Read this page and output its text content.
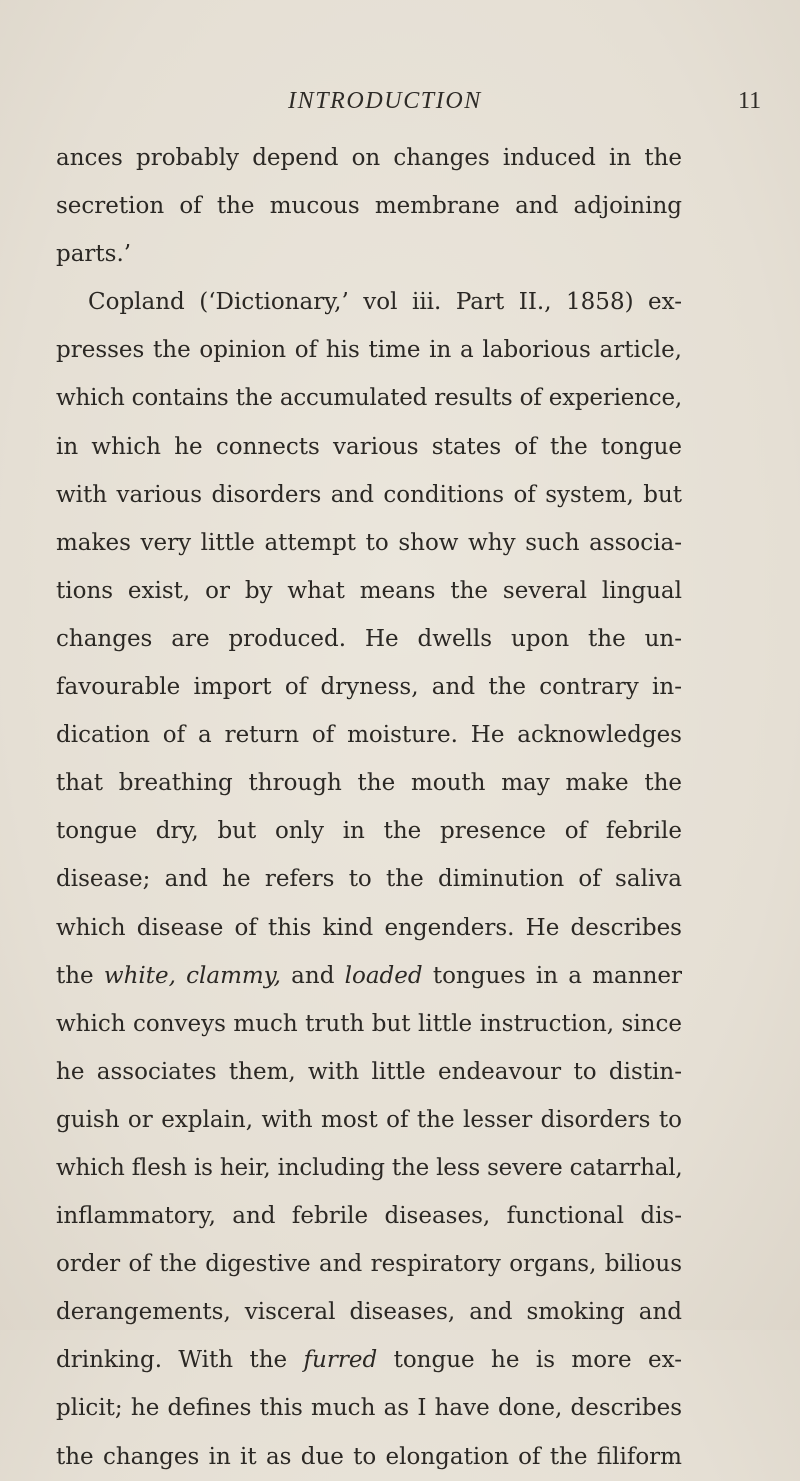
INTRODUCTION	11
ances probably depend on changes induced in the
secretion of the mucous membrane and adjoining
parts.’
Copland (‘Dictionary,’ vol iii. Part II., 1858) ex-
presses the opinion of his time in a laborious article,
which contains the accumulated results of experience,
in which he connects various states of the tongue
with various disorders and conditions of system, but
makes very little attempt to show why such associa-
tions exist, or by what means the several lingual
changes are produced. He dwells upon the un-
favourable import of dryness, and the contrary in-
dication of a return of moisture. He acknowledges
that breathing through the mouth may make the
tongue dry, but only in the presence of febrile
disease; and he refers to the diminution of saliva
which disease of this kind engenders. He describes
the white, clammy, and loaded tongues in a manner
which conveys much truth but little instruction, since
he associates them, with little endeavour to distin-
guish or explain, with most of the lesser disorders to
which flesh is heir, including the less severe catarrhal,
inflammatory, and febrile diseases, functional dis-
order of the digestive and respiratory organs, bilious
derangements, visceral diseases, and smoking and
drinking. With the furred tongue he is more ex-
plicit; he defines this much as I have done, describes
the changes in it as due to elongation of the filiform
